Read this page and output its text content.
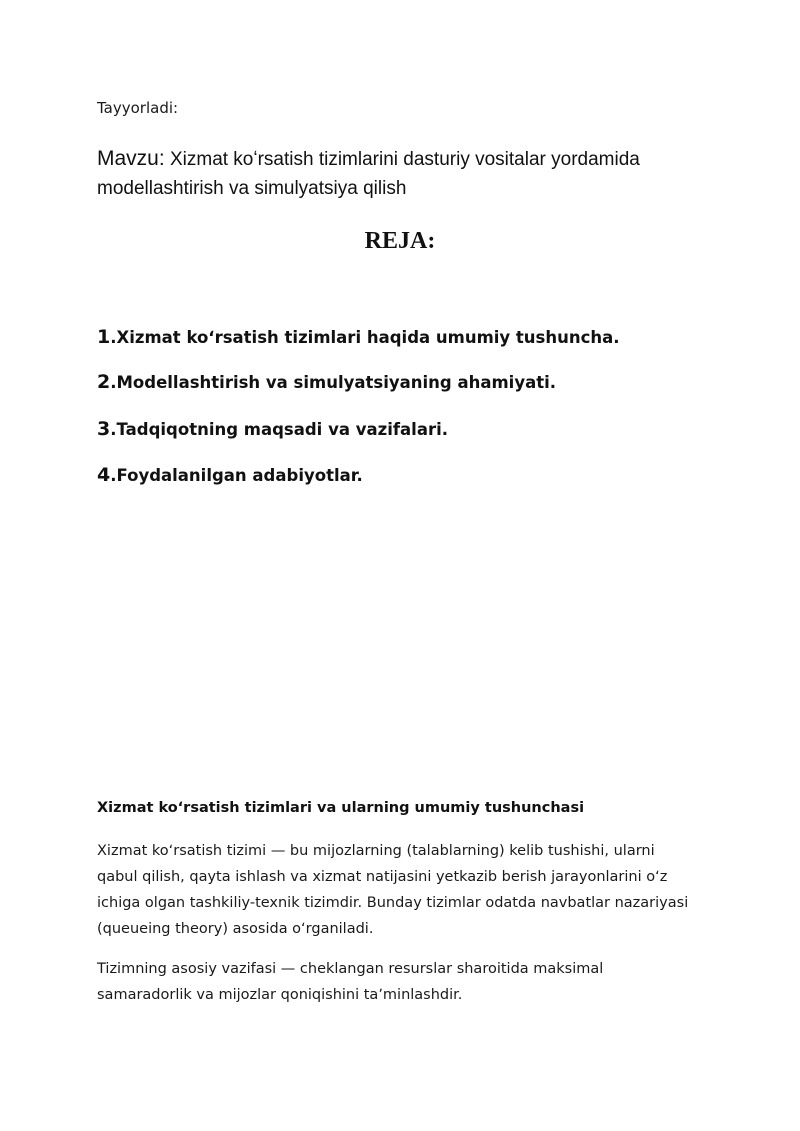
Tayyorladi:
Mavzu: Xizmat koʻrsatish tizimlarini dasturiy vositalar yordamida modellashtirish va simulyatsiya qilish
REJA:
1.Xizmat koʻrsatish tizimlari haqida umumiy tushuncha.
2.Modellashtirish va simulyatsiyaning ahamiyati.
3.Tadqiqotning maqsadi va vazifalari.
4.Foydalanilgan adabiyotlar.
Xizmat koʻrsatish tizimlari va ularning umumiy tushunchasi
Xizmat koʻrsatish tizimi — bu mijozlarning (talablarning) kelib tushishi, ularni qabul qilish, qayta ishlash va xizmat natijasini yetkazib berish jarayonlarini oʻz ichiga olgan tashkiliy-texnik tizimdir. Bunday tizimlar odatda navbatlar nazariyasi (queueing theory) asosida oʻrganiladi.
Tizimning asosiy vazifasi — cheklangan resurslar sharoitida maksimal samaradorlik va mijozlar qoniqishini taʼminlashdir.
